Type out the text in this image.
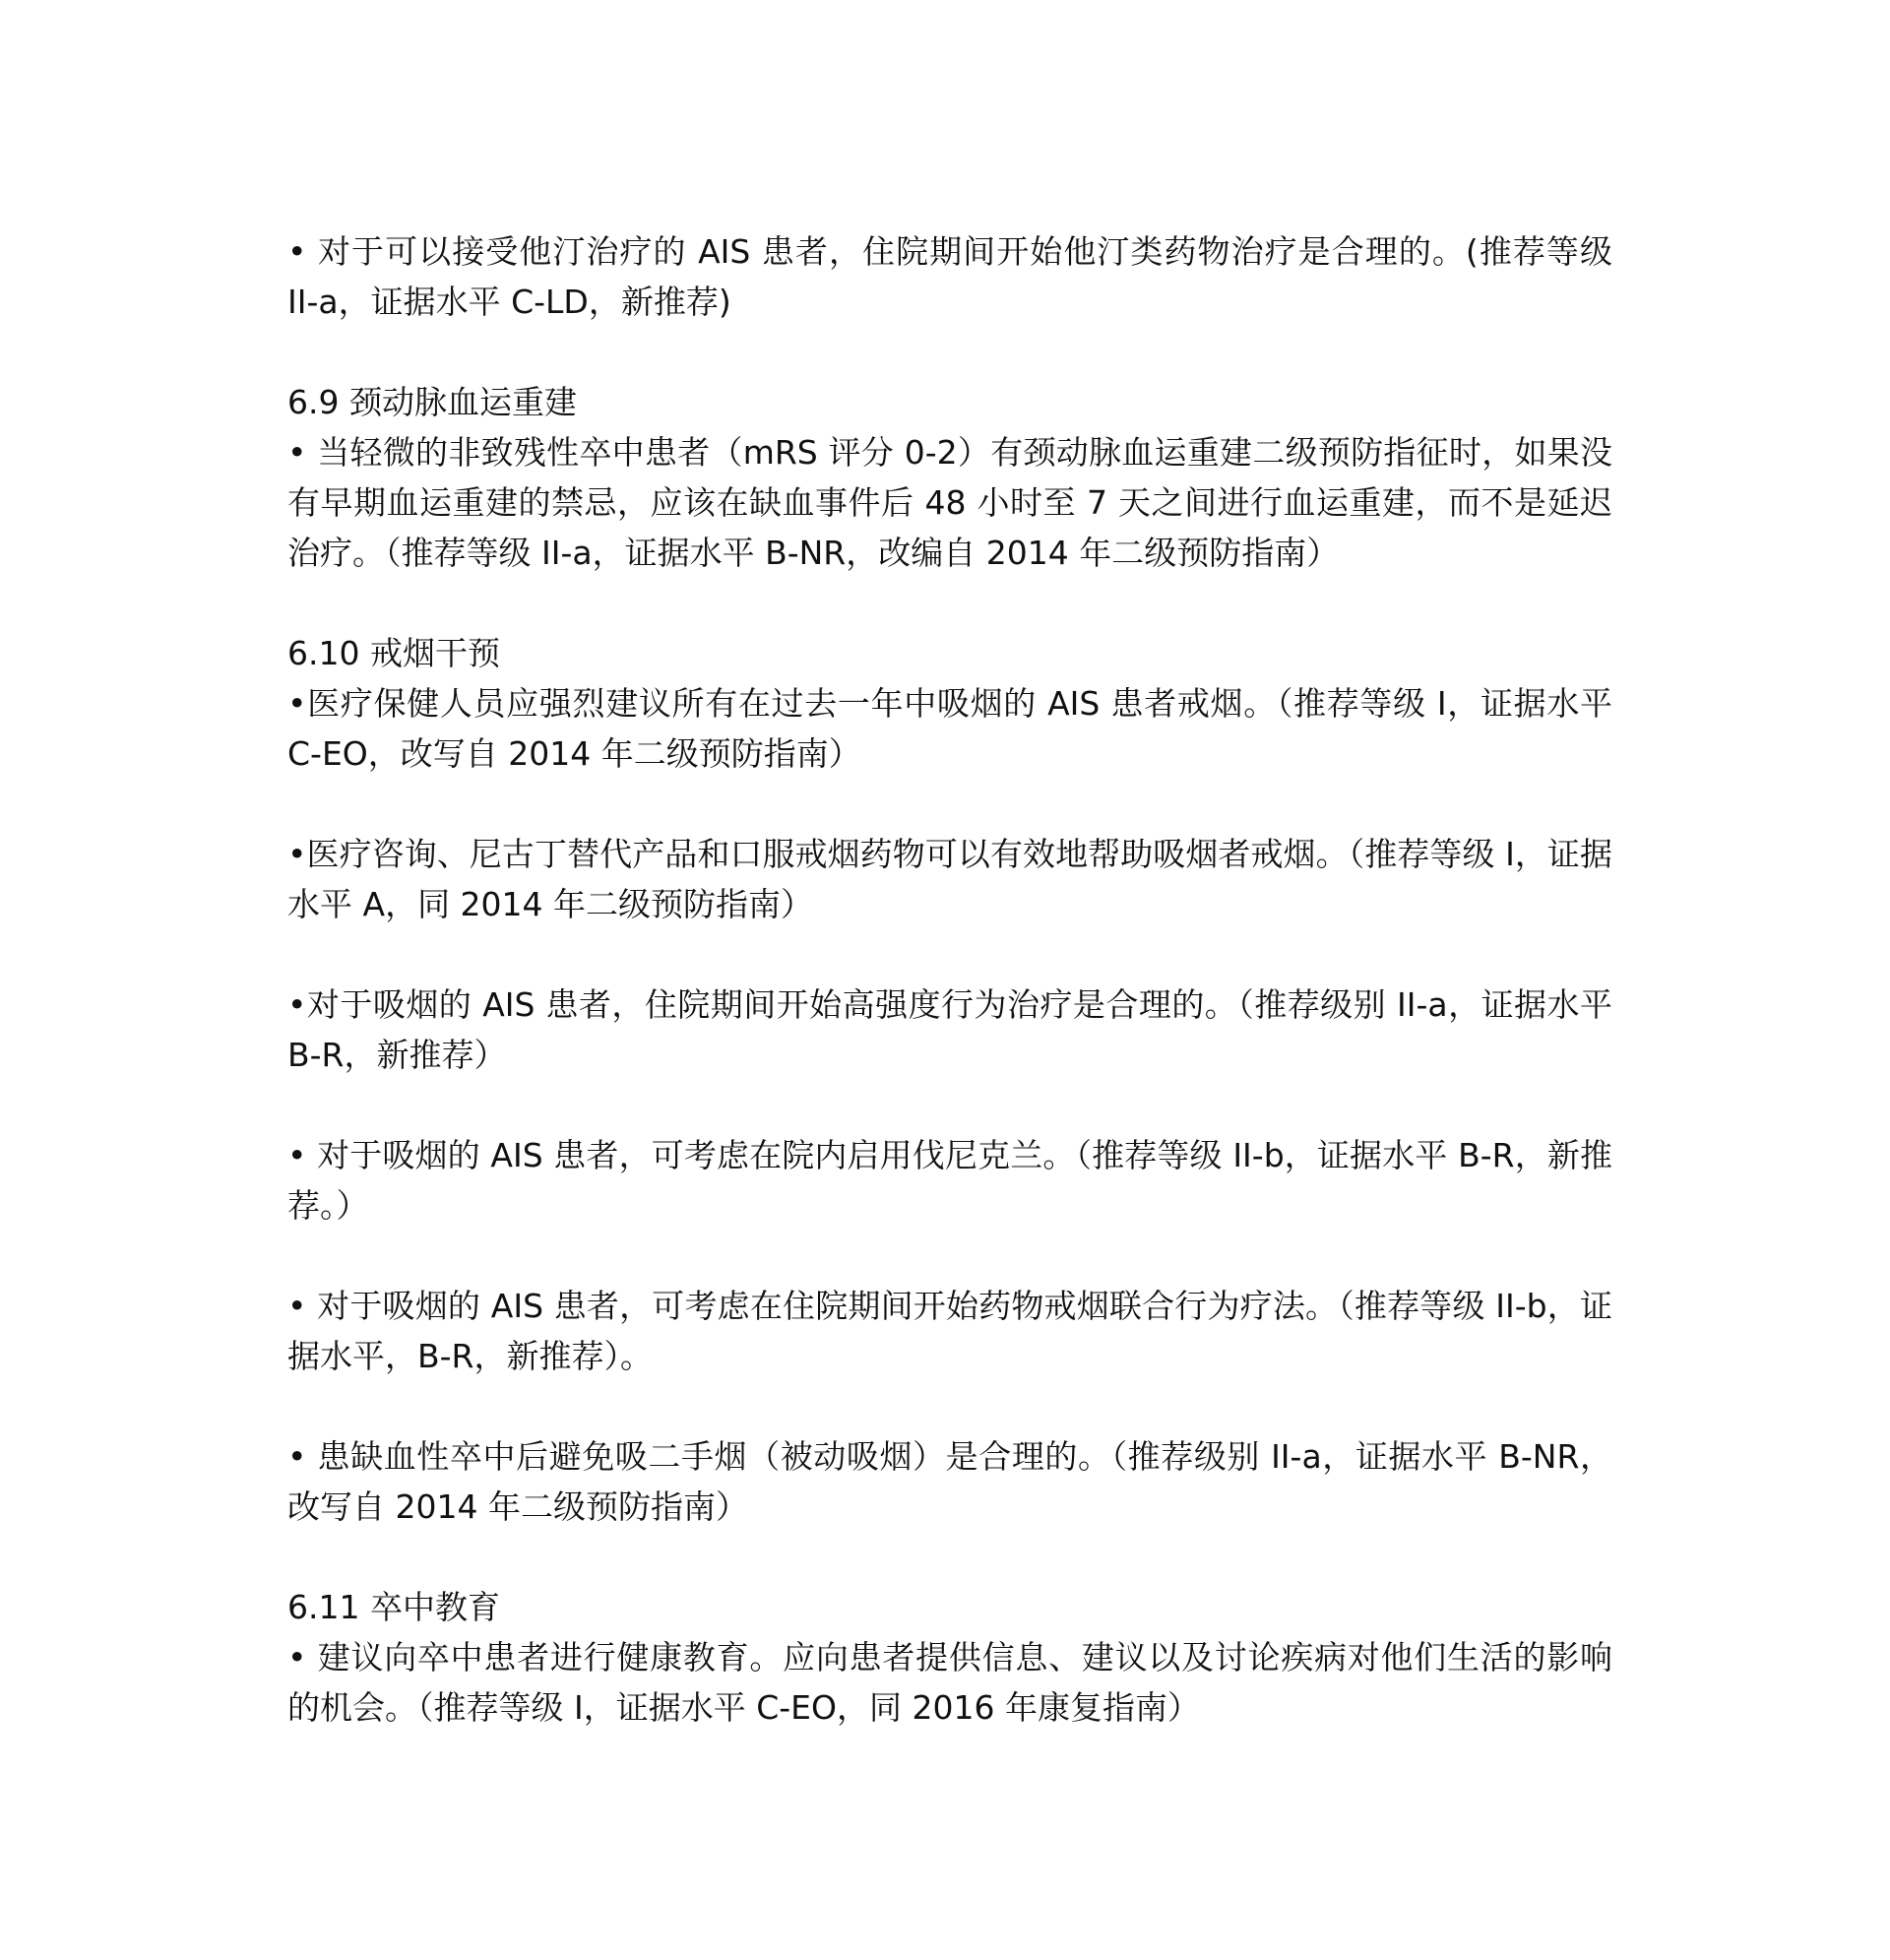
• 对于可以接受他汀治疗的 AIS 患者，住院期间开始他汀类药物治疗是合理的。(推荐等级 II-a，证据水平 C-LD，新推荐)

6.9 颈动脉血运重建

• 当轻微的非致残性卒中患者（mRS 评分 0-2）有颈动脉血运重建二级预防指征时，如果没有早期血运重建的禁忌，应该在缺血事件后 48 小时至 7 天之间进行血运重建，而不是延迟治疗。（推荐等级 II-a，证据水平 B-NR，改编自 2014 年二级预防指南）

6.10 戒烟干预

•医疗保健人员应强烈建议所有在过去一年中吸烟的 AIS 患者戒烟。（推荐等级 I，证据水平 C-EO，改写自 2014 年二级预防指南）

•医疗咨询、尼古丁替代产品和口服戒烟药物可以有效地帮助吸烟者戒烟。（推荐等级 I，证据水平 A，同 2014 年二级预防指南）

•对于吸烟的 AIS 患者，住院期间开始高强度行为治疗是合理的。（推荐级别 II-a，证据水平 B-R，新推荐）

• 对于吸烟的 AIS 患者，可考虑在院内启用伐尼克兰。（推荐等级 II-b，证据水平 B-R，新推荐。）

• 对于吸烟的 AIS 患者，可考虑在住院期间开始药物戒烟联合行为疗法。（推荐等级 II-b，证据水平，B-R，新推荐）。

• 患缺血性卒中后避免吸二手烟（被动吸烟）是合理的。（推荐级别 II-a，证据水平 B-NR，改写自 2014 年二级预防指南）

6.11 卒中教育

• 建议向卒中患者进行健康教育。应向患者提供信息、建议以及讨论疾病对他们生活的影响的机会。（推荐等级 I，证据水平 C-EO，同 2016 年康复指南）
